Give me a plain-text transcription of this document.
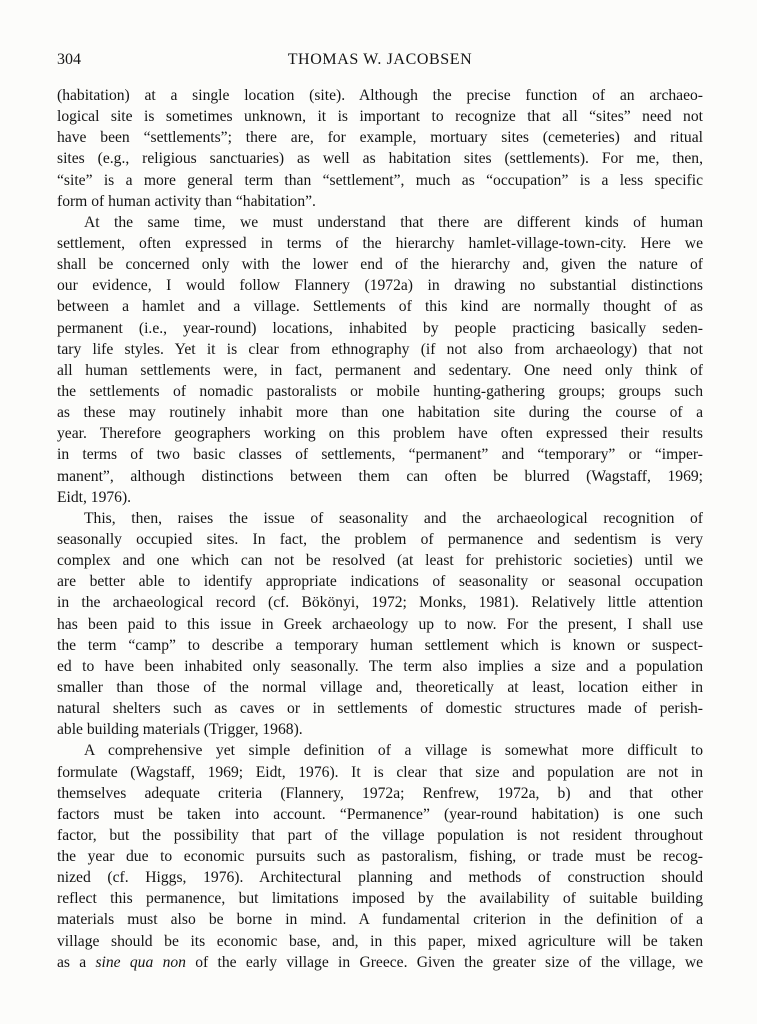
304	THOMAS W. JACOBSEN
(habitation) at a single location (site). Although the precise function of an archaeo-
logical site is sometimes unknown, it is important to recognize that all “sites” need not
have been “settlements”; there are, for example, mortuary sites (cemeteries) and ritual
sites (e.g., religious sanctuaries) as well as habitation sites (settlements). For me, then,
“site” is a more general term than “settlement”, much as “occupation” is a less specific
form of human activity than “habitation”.
At the same time, we must understand that there are different kinds of human
settlement, often expressed in terms of the hierarchy hamlet-village-town-city. Here we
shall be concerned only with the lower end of the hierarchy and, given the nature of
our evidence, I would follow Flannery (1972a) in drawing no substantial distinctions
between a hamlet and a village. Settlements of this kind are normally thought of as
permanent (i.e., year-round) locations, inhabited by people practicing basically seden-
tary life styles. Yet it is clear from ethnography (if not also from archaeology) that not
all human settlements were, in fact, permanent and sedentary. One need only think of
the settlements of nomadic pastoralists or mobile hunting-gathering groups; groups such
as these may routinely inhabit more than one habitation site during the course of a
year. Therefore geographers working on this problem have often expressed their results
in terms of two basic classes of settlements, “permanent” and “temporary” or “imper-
manent”, although distinctions between them can often be blurred (Wagstaff, 1969;
Eidt, 1976).
This, then, raises the issue of seasonality and the archaeological recognition of
seasonally occupied sites. In fact, the problem of permanence and sedentism is very
complex and one which can not be resolved (at least for prehistoric societies) until we
are better able to identify appropriate indications of seasonality or seasonal occupation
in the archaeological record (cf. Bökönyi, 1972; Monks, 1981). Relatively little attention
has been paid to this issue in Greek archaeology up to now. For the present, I shall use
the term “camp” to describe a temporary human settlement which is known or suspect-
ed to have been inhabited only seasonally. The term also implies a size and a population
smaller than those of the normal village and, theoretically at least, location either in
natural shelters such as caves or in settlements of domestic structures made of perish-
able building materials (Trigger, 1968).
A comprehensive yet simple definition of a village is somewhat more difficult to
formulate (Wagstaff, 1969; Eidt, 1976). It is clear that size and population are not in
themselves adequate criteria (Flannery, 1972a; Renfrew, 1972a, b) and that other
factors must be taken into account. “Permanence” (year-round habitation) is one such
factor, but the possibility that part of the village population is not resident throughout
the year due to economic pursuits such as pastoralism, fishing, or trade must be recog-
nized (cf. Higgs, 1976). Architectural planning and methods of construction should
reflect this permanence, but limitations imposed by the availability of suitable building
materials must also be borne in mind. A fundamental criterion in the definition of a
village should be its economic base, and, in this paper, mixed agriculture will be taken
as a sine qua non of the early village in Greece. Given the greater size of the village, we
